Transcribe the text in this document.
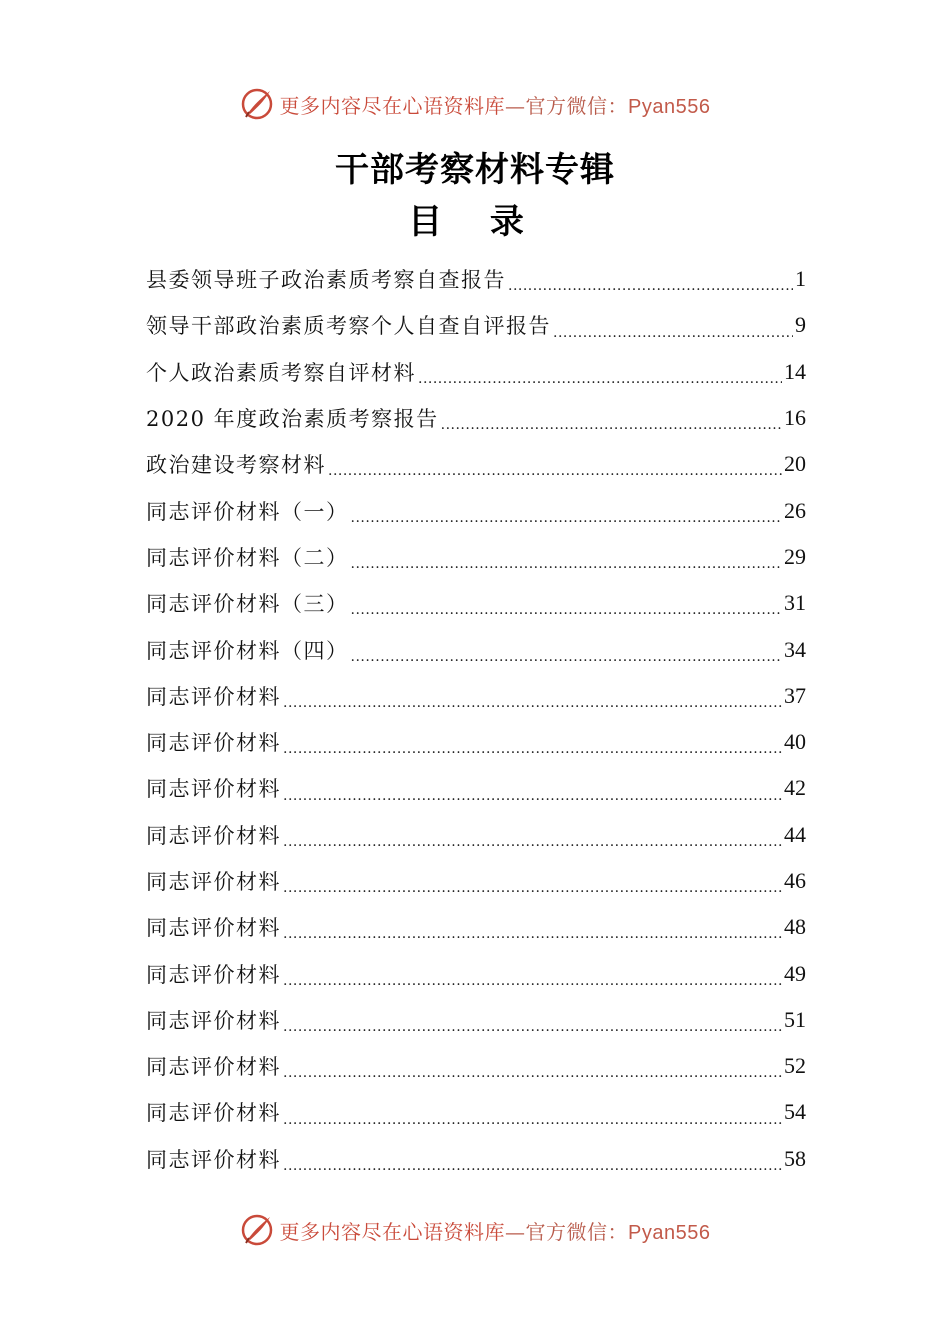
更多内容尽在心语资料库—官方微信：Pyan556
干部考察材料专辑
目 录
县委领导班子政治素质考察自查报告 .....	1
领导干部政治素质考察个人自查自评报告 .....	9
个人政治素质考察自评材料 .....	14
2020 年度政治素质考察报告 .....	16
政治建设考察材料 .....	20
同志评价材料（一） .....	26
同志评价材料（二） .....	29
同志评价材料（三） .....	31
同志评价材料（四） .....	34
同志评价材料 .....	37
同志评价材料 .....	40
同志评价材料 .....	42
同志评价材料 .....	44
同志评价材料 .....	46
同志评价材料 .....	48
同志评价材料 .....	49
同志评价材料 .....	51
同志评价材料 .....	52
同志评价材料 .....	54
同志评价材料 .....	58
更多内容尽在心语资料库—官方微信：Pyan556
